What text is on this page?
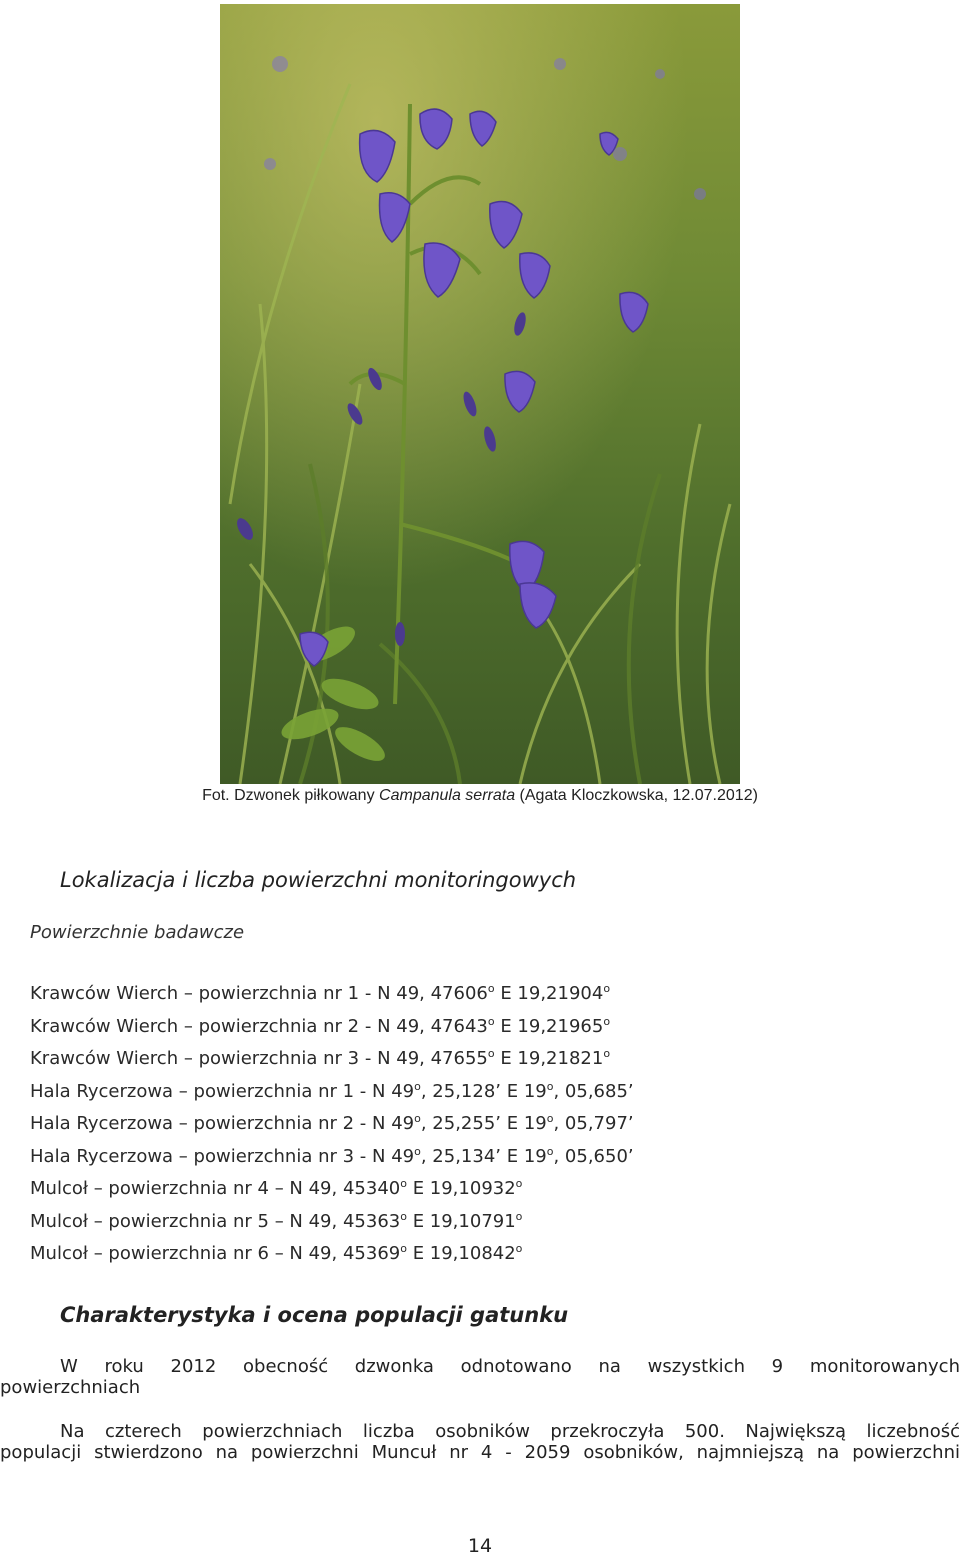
Fot. Dzwonek piłkowany Campanula serrata (Agata Kloczkowska, 12.07.2012)
Lokalizacja i liczba powierzchni monitoringowych
Powierzchnie badawcze
Krawców Wierch – powierzchnia nr 1 - N 49, 47606$^o$ E 19,21904$^o$
Krawców Wierch – powierzchnia nr 2 - N 49, 47643$^o$ E 19,21965$^o$
Krawców Wierch – powierzchnia nr 3 - N 49, 47655$^o$ E 19,21821$^o$
Hala Rycerzowa – powierzchnia nr 1 - N 49$^o$, 25,128’ E 19$^o$, 05,685’
Hala Rycerzowa – powierzchnia nr 2 - N 49$^o$, 25,255’ E 19$^o$, 05,797’
Hala Rycerzowa – powierzchnia nr 3 - N 49$^o$, 25,134’ E 19$^o$, 05,650’
Mulcoł – powierzchnia nr 4 – N 49, 45340$^o$ E 19,10932$^o$
Mulcoł – powierzchnia nr 5 – N 49, 45363$^o$ E 19,10791$^o$
Mulcoł – powierzchnia nr 6 – N 49, 45369$^o$ E 19,10842$^o$
Charakterystyka i ocena populacji gatunku
W roku 2012 obecność dzwonka odnotowano na wszystkich 9 monitorowanych
powierzchniach
Na czterech powierzchniach liczba osobników przekroczyła 500. Największą liczebność
populacji stwierdzono na powierzchni Muncuł nr 4 - 2059 osobników, najmniejszą na powierzchni
14
